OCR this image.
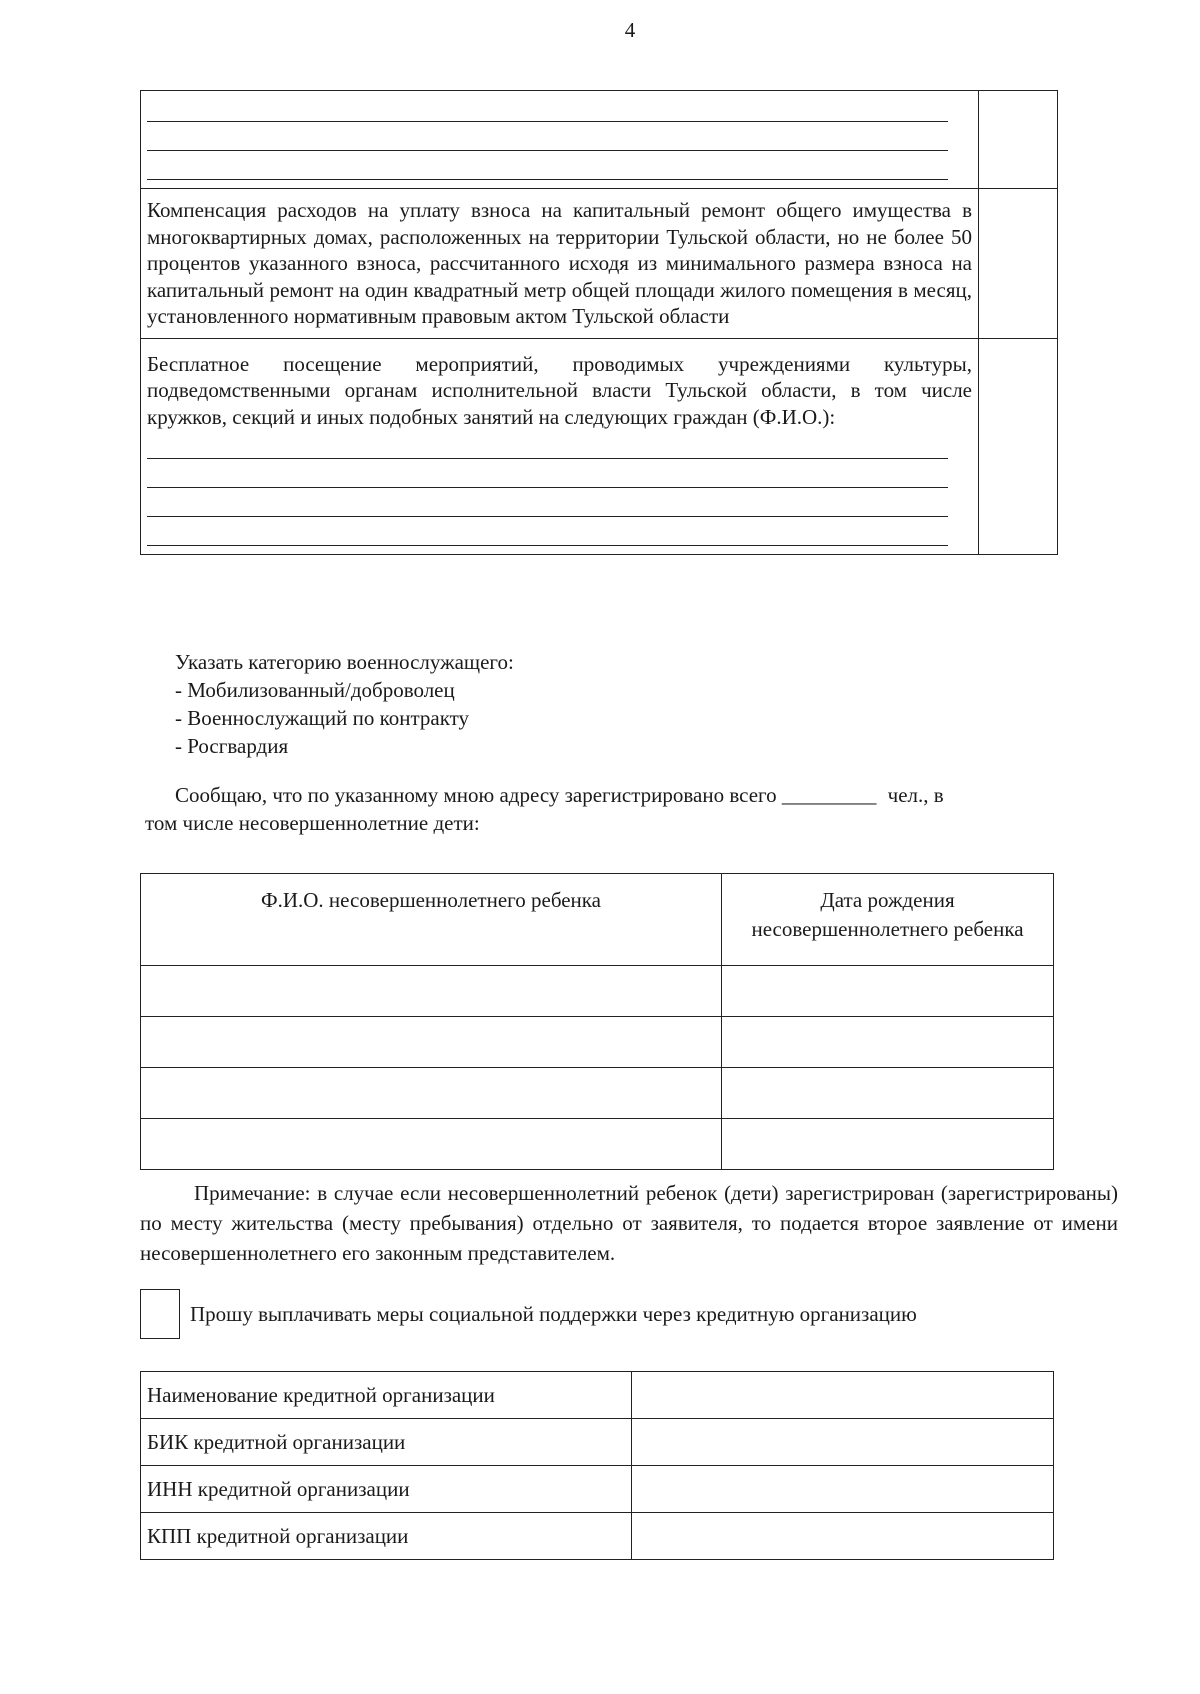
4

Компенсация расходов на уплату взноса на капитальный ремонт общего имущества в многоквартирных домах, расположенных на территории Тульской области, но не более 50 процентов указанного взноса, рассчитанного исходя из минимального размера взноса на капитальный ремонт на один квадратный метр общей площади жилого помещения в месяц, установленного нормативным правовым актом Тульской области

Бесплатное посещение мероприятий, проводимых учреждениями культуры, подведомственными органам исполнительной власти Тульской области, в том числе кружков, секций и иных подобных занятий на следующих граждан (Ф.И.О.):

Указать категорию военнослужащего:

- Мобилизованный/доброволец

- Военнослужащий по контракту

- Росгвардия

Сообщаю, что по указанному мною адресу зарегистрировано всего _________ чел., в

том числе несовершеннолетние дети:

Ф.И.О. несовершеннолетнего ребенка	Дата рождения
несовершеннолетнего ребенка

Примечание: в случае если несовершеннолетний ребенок (дети) зарегистрирован (зарегистрированы) по месту жительства (месту пребывания) отдельно от заявителя, то подается второе заявление от имени несовершеннолетнего его законным представителем.

Прошу выплачивать меры социальной поддержки через кредитную организацию
Наименование кредитной организации	
БИК кредитной организации	
ИНН кредитной организации	
КПП кредитной организации	
